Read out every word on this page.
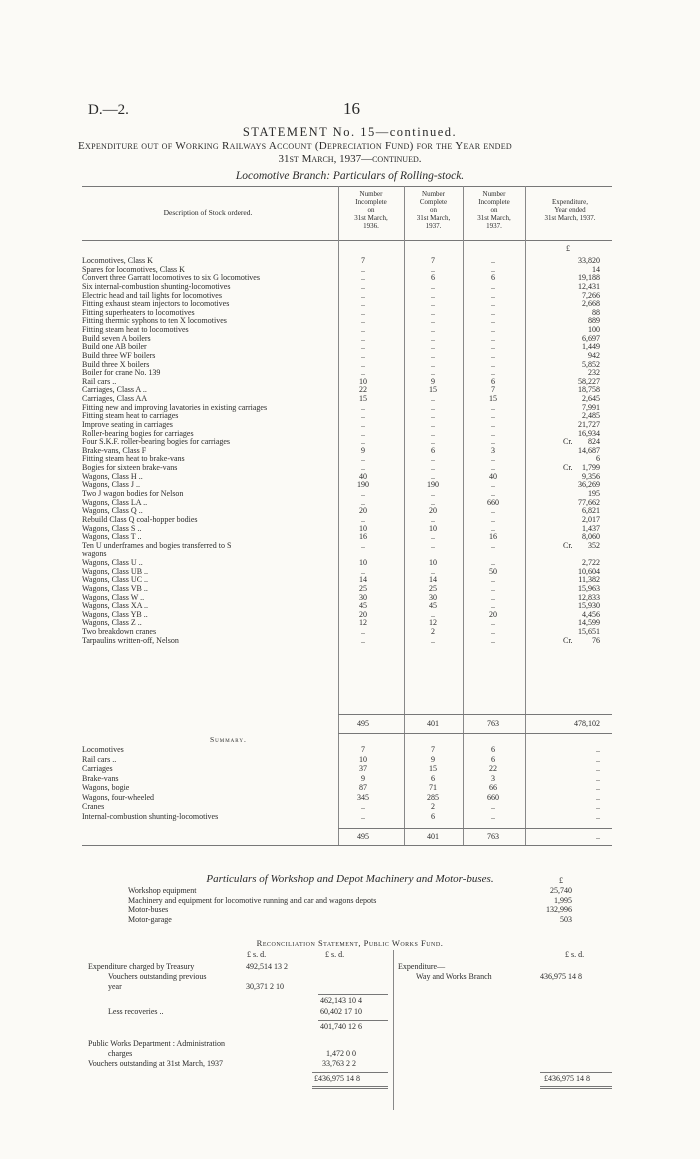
D.—2.	16
STATEMENT No. 15—continued.
Expenditure out of Working Railways Account (Depreciation Fund) for the Year ended
31st March, 1937—continued.
Locomotive Branch: Particulars of Rolling-stock.
Description of Stock ordered.
Number
Incomplete
on
31st March,
1936.
Number
Complete
on
31st March,
1937.
Number
Incomplete
on
31st March,
1937.
Expenditure,
Year ended
31st March, 1937.
£
Locomotives, Class K	7	7	..	33,820
Spares for locomotives, Class K	..	..	..	14
Convert three Garratt locomotives to six G locomotives	..	6	6	19,188
Six internal-combustion shunting-locomotives	..	..	..	12,431
Electric head and tail lights for locomotives	..	..	..	7,266
Fitting exhaust steam injectors to locomotives	..	..	..	2,668
Fitting superheaters to locomotives	..	..	..	88
Fitting thermic syphons to ten X locomotives	..	..	..	889
Fitting steam heat to locomotives	..	..	..	100
Build seven A boilers	..	..	..	6,697
Build one AB boiler	..	..	..	1,449
Build three WF boilers	..	..	..	942
Build three X boilers	..	..	..	5,852
Boiler for crane No. 139	..	..	..	232
Rail cars ..	10	9	6	58,227
Carriages, Class A ..	22	15	7	18,758
Carriages, Class AA	15	..	15	2,645
Fitting new and improving lavatories in existing carriages	..	..	..	7,991
Fitting steam heat to carriages	..	..	..	2,485
Improve seating in carriages	..	..	..	21,727
Roller-bearing bogies for carriages	..	..	..	16,934
Four S.K.F. roller-bearing bogies for carriages	..	..	..	Cr.	824
Brake-vans, Class F	9	6	3	14,687
Fitting steam heat to brake-vans	..	..	..	6
Bogies for sixteen brake-vans	..	..	..	Cr.	1,799
Wagons, Class H ..	40	..	40	9,356
Wagons, Class J ..	190	190	..	36,269
Two J wagon bodies for Nelson	..	..	..	195
Wagons, Class LA ..	..	..	660	77,662
Wagons, Class Q ..	20	20	..	6,821
Rebuild Class Q coal-hopper bodies	..	..	..	2,017
Wagons, Class S ..	10	10	..	1,437
Wagons, Class T ..	16	..	16	8,060
Ten U underframes and bogies transferred to S	..	..	..	Cr.	352
wagons
Wagons, Class U ..	10	10	..	2,722
Wagons, Class UB ..	..	..	50	10,604
Wagons, Class UC ..	14	14	..	11,382
Wagons, Class VB ..	25	25	..	15,963
Wagons, Class W ..	30	30	..	12,833
Wagons, Class XA ..	45	45	..	15,930
Wagons, Class YB ..	20	..	20	4,456
Wagons, Class Z ..	12	12	..	14,599
Two breakdown cranes	..	2	..	15,651
Tarpaulins written-off, Nelson	..	..	..	Cr.	76
495	401	763	478,102
Summary.
Locomotives	7	7	6	..
Rail cars ..	10	9	6	..
Carriages	37	15	22	..
Brake-vans	9	6	3	..
Wagons, bogie	87	71	66	..
Wagons, four-wheeled	345	285	660	..
Cranes	..	2	..	..
Internal-combustion shunting-locomotives	..	6	..	..
495	401	763	..
Particulars of Workshop and Depot Machinery and Motor-buses.	£
Workshop equipment	25,740
Machinery and equipment for locomotive running and car and wagons depots	1,995
Motor-buses	132,996
Motor-garage	503
Reconciliation Statement, Public Works Fund.
£ s. d.	£ s. d.	£ s. d.
Expenditure charged by Treasury	492,514 13 2
Vouchers outstanding previous
year	30,371 2 10
462,143 10 4
Less recoveries ..	60,402 17 10
401,740 12 6
Public Works Department : Administration
charges	1,472 0 0
Vouchers outstanding at 31st March, 1937	33,763 2 2
£436,975 14 8
Expenditure—
Way and Works Branch	436,975 14 8
£436,975 14 8
